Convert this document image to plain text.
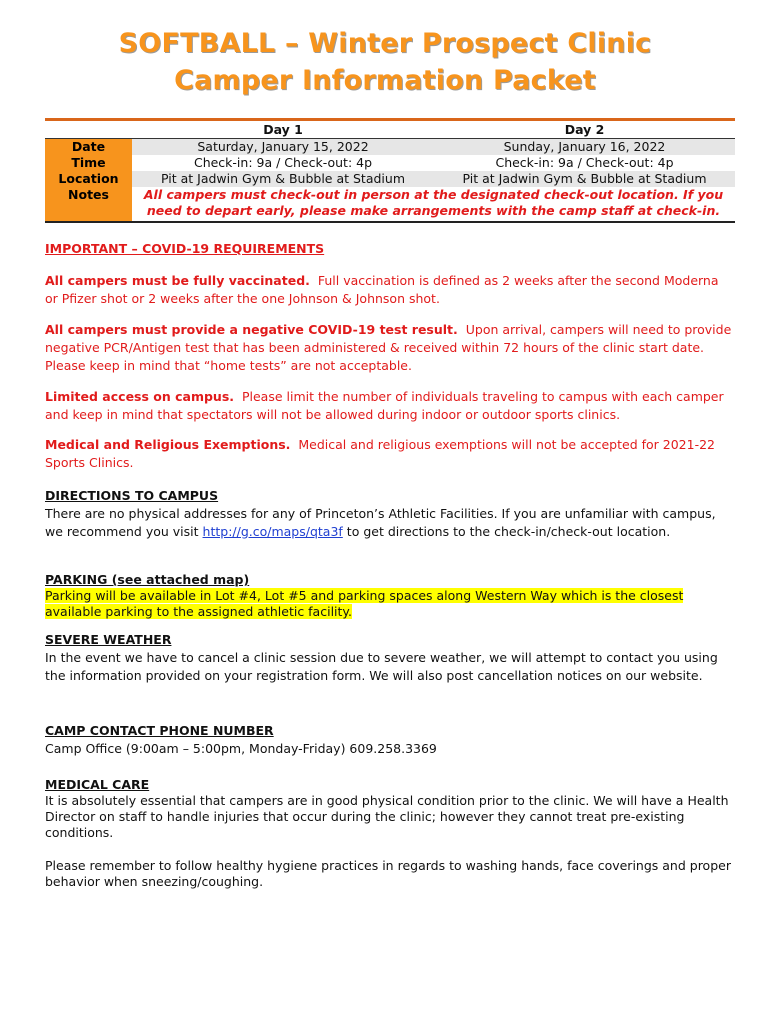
SOFTBALL – Winter Prospect Clinic
Camper Information Packet
	Day 1	Day 2
Date	Saturday, January 15, 2022	Sunday, January 16, 2022
Time	Check-in: 9a / Check-out: 4p	Check-in: 9a / Check-out: 4p
Location	Pit at Jadwin Gym & Bubble at Stadium	Pit at Jadwin Gym & Bubble at Stadium
Notes	All campers must check-out in person at the designated check-out location. If you need to depart early, please make arrangements with the camp staff at check-in.	
IMPORTANT – COVID-19 REQUIREMENTS
All campers must be fully vaccinated. Full vaccination is defined as 2 weeks after the second Moderna or Pfizer shot or 2 weeks after the one Johnson & Johnson shot.
All campers must provide a negative COVID-19 test result. Upon arrival, campers will need to provide negative PCR/Antigen test that has been administered & received within 72 hours of the clinic start date. Please keep in mind that “home tests” are not acceptable.
Limited access on campus. Please limit the number of individuals traveling to campus with each camper and keep in mind that spectators will not be allowed during indoor or outdoor sports clinics.
Medical and Religious Exemptions. Medical and religious exemptions will not be accepted for 2021-22 Sports Clinics.
DIRECTIONS TO CAMPUS
There are no physical addresses for any of Princeton’s Athletic Facilities. If you are unfamiliar with campus, we recommend you visit http://g.co/maps/qta3f to get directions to the check-in/check-out location.
PARKING (see attached map)
Parking will be available in Lot #4, Lot #5 and parking spaces along Western Way which is the closest available parking to the assigned athletic facility.
SEVERE WEATHER
In the event we have to cancel a clinic session due to severe weather, we will attempt to contact you using the information provided on your registration form. We will also post cancellation notices on our website.
CAMP CONTACT PHONE NUMBER
Camp Office (9:00am – 5:00pm, Monday-Friday) 609.258.3369
MEDICAL CARE
It is absolutely essential that campers are in good physical condition prior to the clinic. We will have a Health Director on staff to handle injuries that occur during the clinic; however they cannot treat pre-existing conditions.
Please remember to follow healthy hygiene practices in regards to washing hands, face coverings and proper behavior when sneezing/coughing.
